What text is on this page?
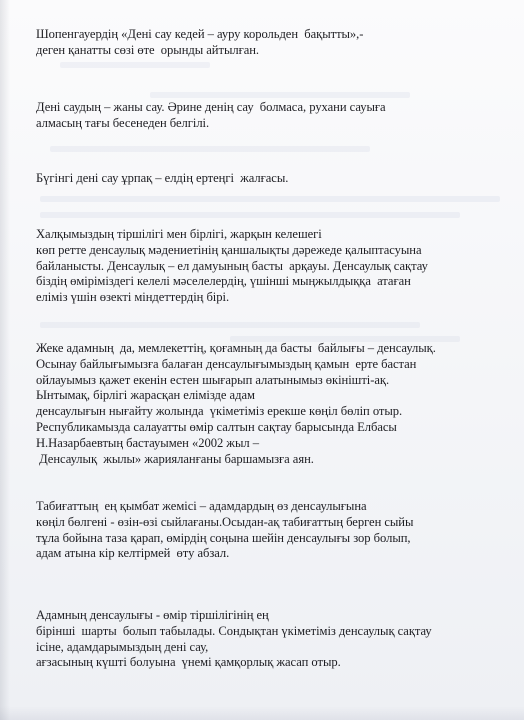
Шопенгауердің «Дені сау кедей – ауру корольден  бақытты»,-
деген қанатты сөзі өте  орынды айтылған.
Дені саудың – жаны сау. Әрине денің сау  болмаса, рухани сауыға
алмасың тағы бесенеден белгілі.
Бүгінгі дені сау ұрпақ – елдің ертеңгі  жалғасы.
Халқымыздың тіршілігі мен бірлігі, жарқын келешегі
көп ретте денсаулық мәдениетінің қаншалықты дәрежеде қалыптасуына
байланысты. Денсаулық – ел дамуының басты  арқауы. Денсаулық сақтау
біздің өмірімiздегі келелі мәселелердің, үшінші мыңжылдыққа  атаған
еліміз үшін өзекті міндеттердің бірі.
Жеке адамның  да, мемлекеттің, қоғамның да басты  байлығы – денсаулық.
Осынау байлығымызға балаған денсаулығымыздың қамын  ерте бастан
ойлауымыз қажет екенін естен шығарып алатынымыз өкінішті-ақ.
Ынтымақ, бірлігі жарасқан елімізде адам
денсаулығын нығайту жолында  үкіметіміз ерекше көңіл бөліп отыр.
Республикамызда салауатты өмір салтын сақтау барысында Елбасы
Н.Назарбаевтың бастауымен «2002 жыл –
Денсаулық  жылы» жарияланғаны баршамызға аян.
Табиғаттың  ең қымбат жемісі – адамдардың өз денсаулығына
көңіл бөлгені - өзін-өзі сыйлағаны.Осыдан-ақ табиғаттың берген сыйы
тұла бойына таза қарап, өмірдің соңына шейін денсаулығы зор болып,
адам атына кір келтірмей  өту абзал.
Адамның денсаулығы - өмір тіршілігінің ең
бірінші  шарты  болып табылады. Сондықтан үкіметіміз денсаулық сақтау
ісіне, адамдарымыздың дені сау,
ағзасының күшті болуына  үнемі қамқорлық жасап отыр.
